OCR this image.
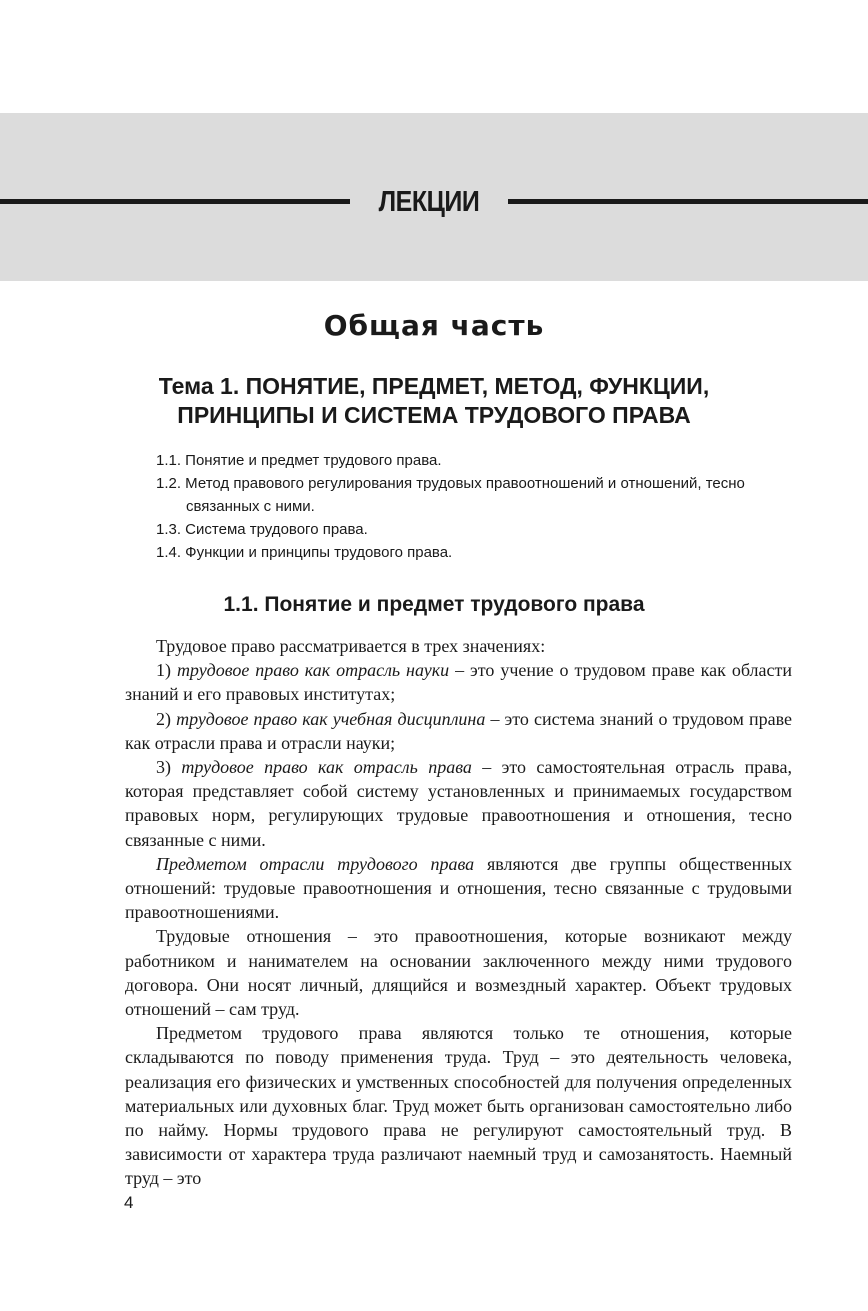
ЛЕКЦИИ
Общая часть
Тема 1. ПОНЯТИЕ, ПРЕДМЕТ, МЕТОД, ФУНКЦИИ,
ПРИНЦИПЫ И СИСТЕМА ТРУДОВОГО ПРАВА
1.1. Понятие и предмет трудового права.
1.2. Метод правового регулирования трудовых правоотношений и отношений, тесно связанных с ними.
1.3. Система трудового права.
1.4. Функции и принципы трудового права.
1.1. Понятие и предмет трудового права

Трудовое право рассматривается в трех значениях:

1) трудовое право как отрасль науки – это учение о трудовом праве как области знаний и его правовых институтах;

2) трудовое право как учебная дисциплина – это система знаний о трудовом праве как отрасли права и отрасли науки;

3) трудовое право как отрасль права – это самостоятельная отрасль права, которая представляет собой систему установленных и принимаемых государством правовых норм, регулирующих трудовые правоотношения и отношения, тесно связанные с ними.

Предметом отрасли трудового права являются две группы общественных отношений: трудовые правоотношения и отношения, тесно связанные с трудовыми правоотношениями.

Трудовые отношения – это правоотношения, которые возникают между работником и нанимателем на основании заключенного между ними трудового договора. Они носят личный, длящийся и возмездный характер. Объект трудовых отношений – сам труд.

Предметом трудового права являются только те отношения, которые складываются по поводу применения труда. Труд – это деятельность человека, реализация его физических и умственных способностей для получения определенных материальных или духовных благ. Труд может быть организован самостоятельно либо по найму. Нормы трудового права не регулируют самостоятельный труд. В зависимости от характера труда различают наемный труд и самозанятость. Наемный труд – это

4
